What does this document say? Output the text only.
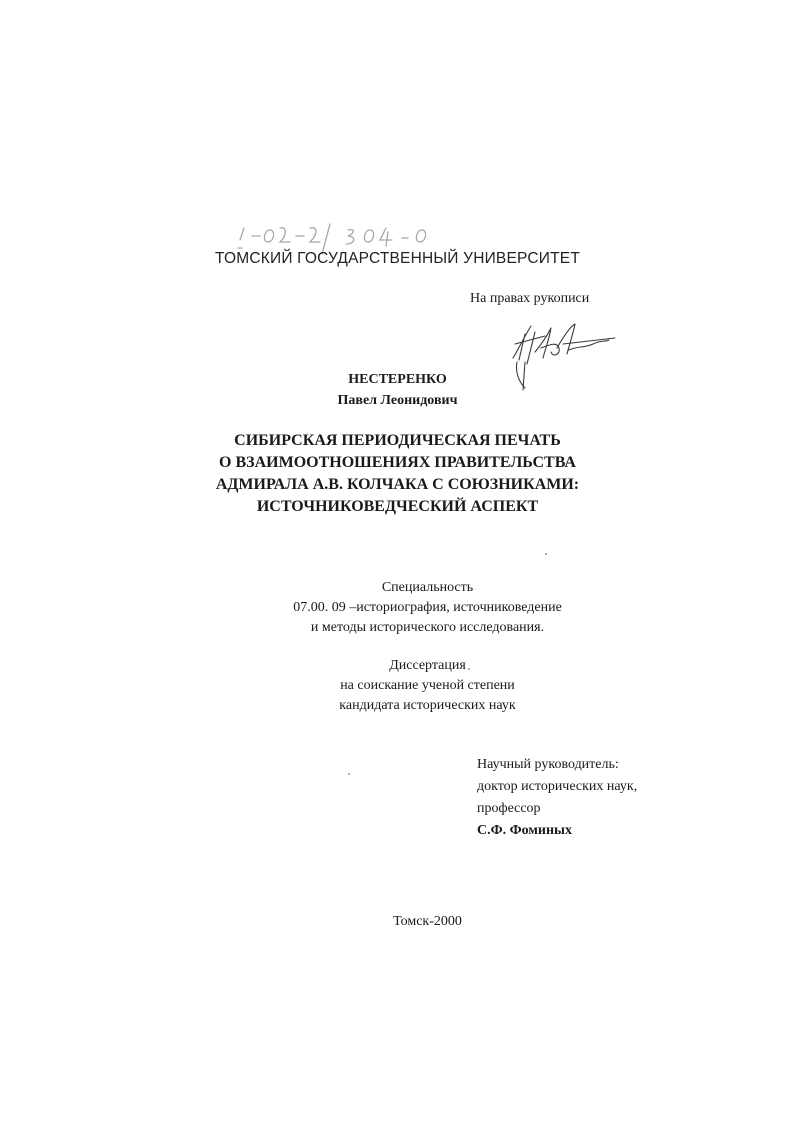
ТОМСКИЙ ГОСУДАРСТВЕННЫЙ УНИВЕРСИТЕТ
На правах рукописи
НЕСТЕРЕНКО
Павел Леонидович
СИБИРСКАЯ ПЕРИОДИЧЕСКАЯ ПЕЧАТЬ
О ВЗАИМООТНОШЕНИЯХ ПРАВИТЕЛЬСТВА
АДМИРАЛА А.В. КОЛЧАКА С СОЮЗНИКАМИ:
ИСТОЧНИКОВЕДЧЕСКИЙ АСПЕКТ
Специальность
07.00. 09 –историография, источниковедение
и методы исторического исследования.
Диссертация
на соискание ученой степени
кандидата исторических наук
Научный руководитель:
доктор исторических наук,
профессор
С.Ф. Фоминых
Томск-2000
